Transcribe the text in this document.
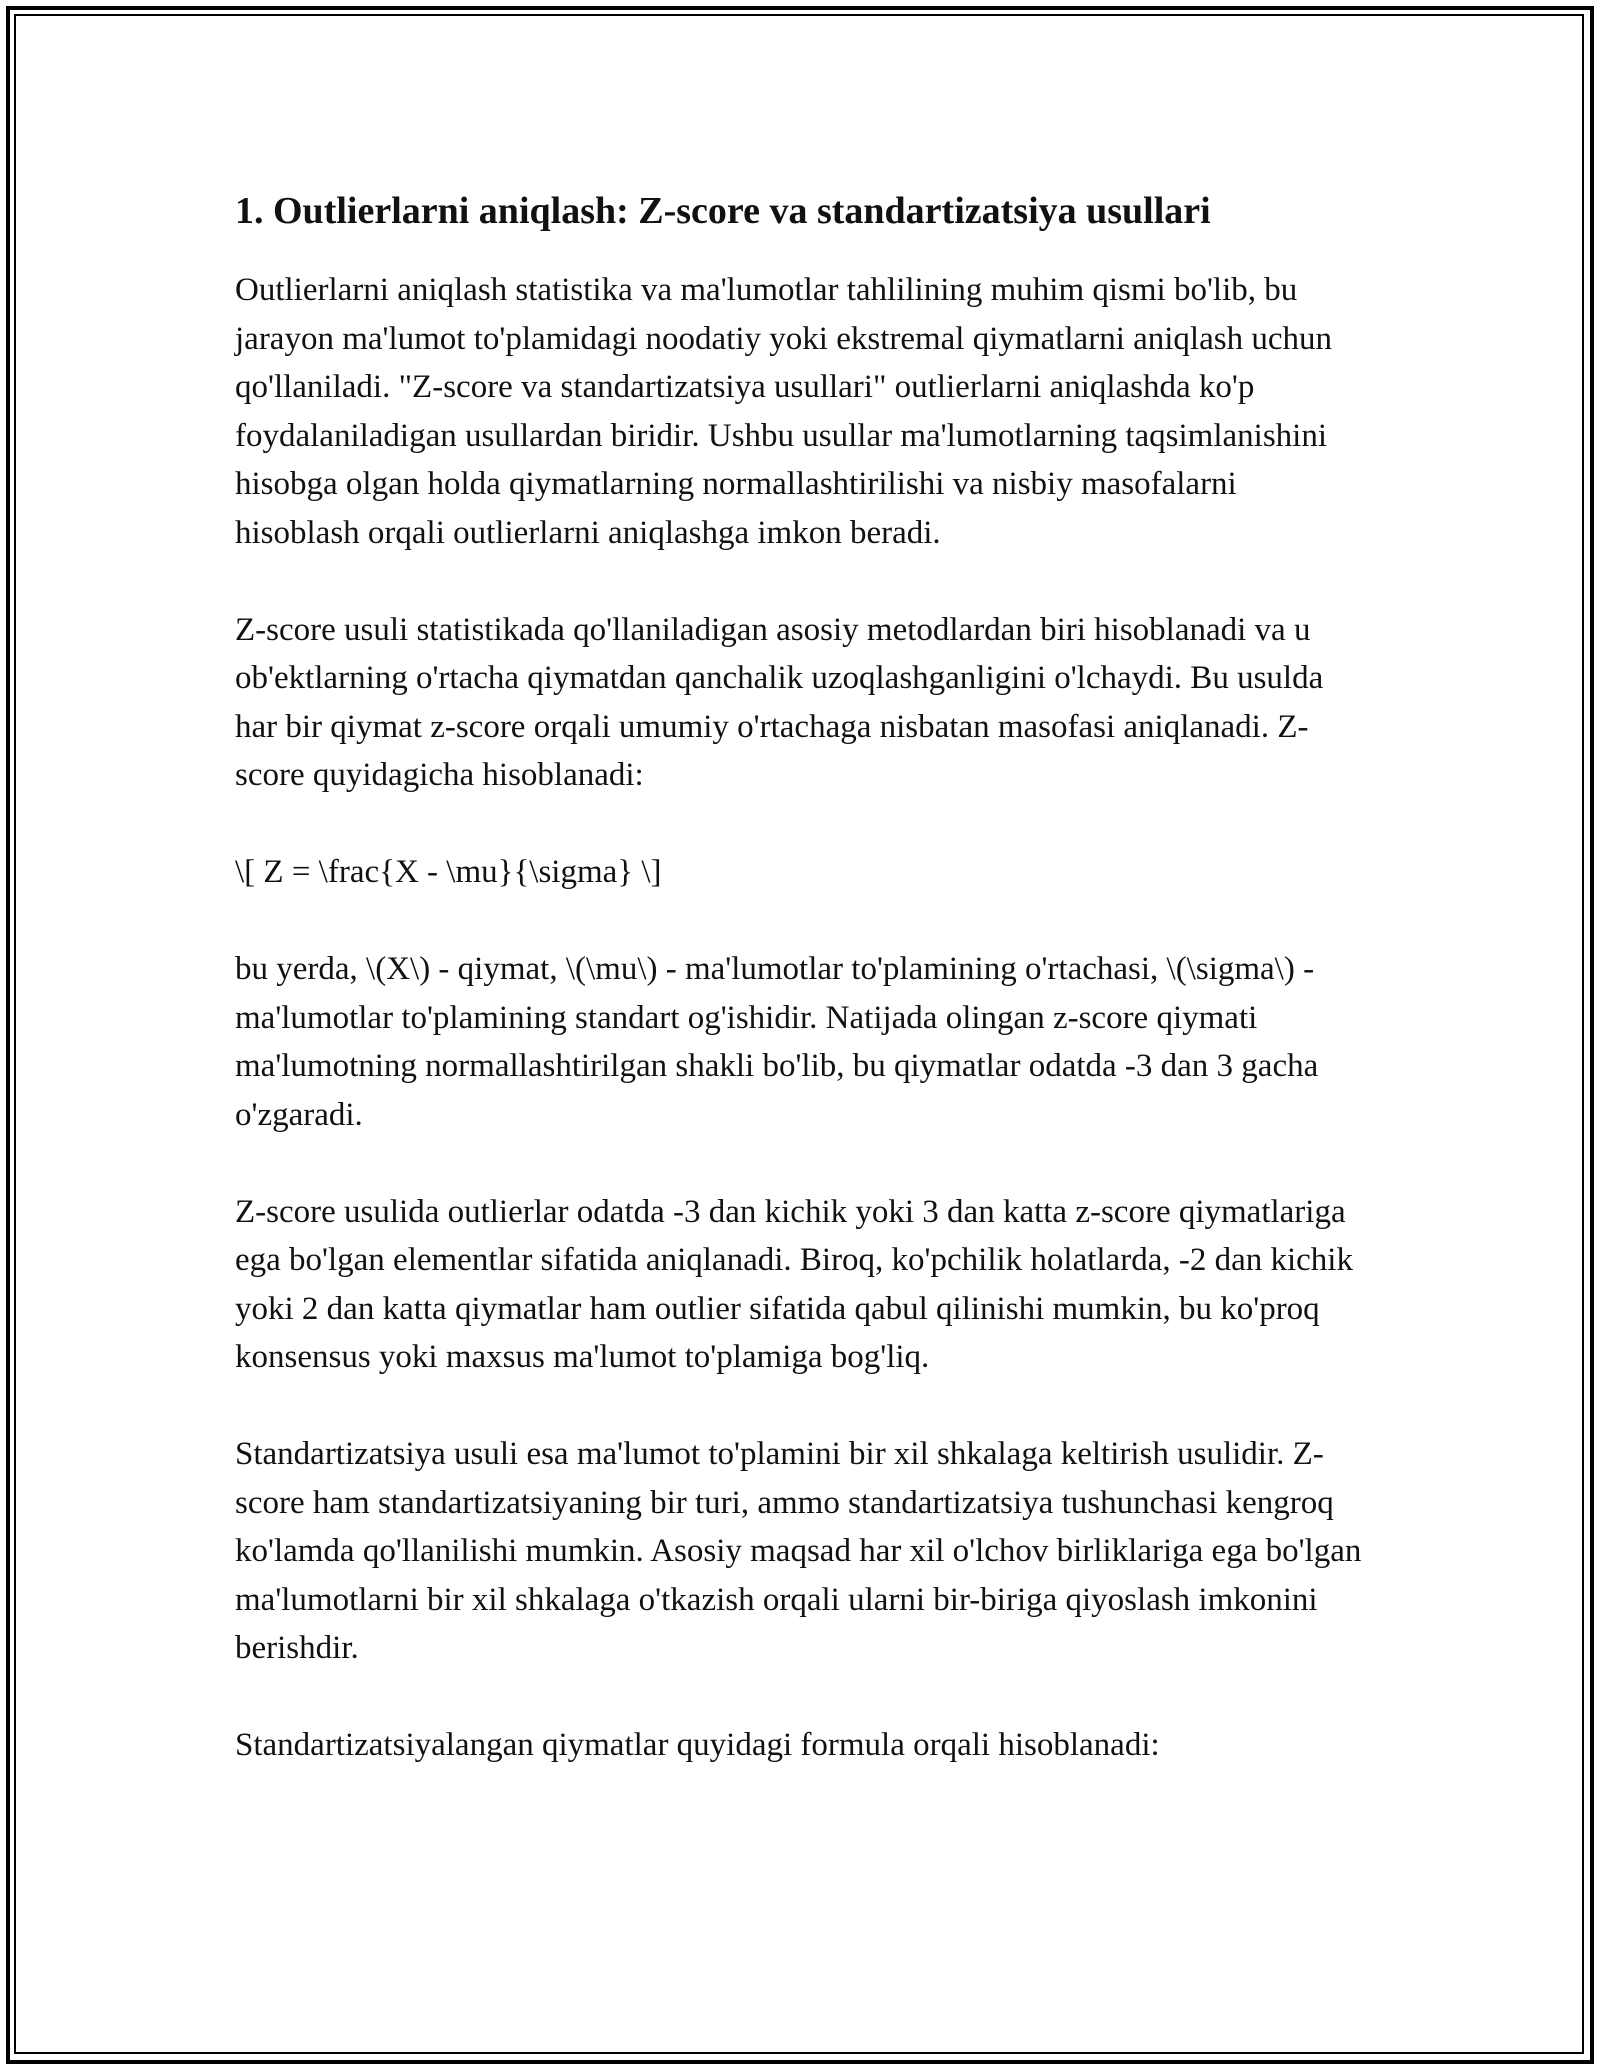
1. Outlierlarni aniqlash: Z-score va standartizatsiya usullari

Outlierlarni aniqlash statistika va ma'lumotlar tahlilining muhim qismi bo'lib, bu jarayon ma'lumot to'plamidagi noodatiy yoki ekstremal qiymatlarni aniqlash uchun qo'llaniladi. "Z-score va standartizatsiya usullari" outlierlarni aniqlashda ko'p foydalaniladigan usullardan biridir. Ushbu usullar ma'lumotlarning taqsimlanishini hisobga olgan holda qiymatlarning normallashtirilishi va nisbiy masofalarni hisoblash orqali outlierlarni aniqlashga imkon beradi.

Z-score usuli statistikada qo'llaniladigan asosiy metodlardan biri hisoblanadi va u ob'ektlarning o'rtacha qiymatdan qanchalik uzoqlashganligini o'lchaydi. Bu usulda har bir qiymat z-score orqali umumiy o'rtachaga nisbatan masofasi aniqlanadi. Z-score quyidagicha hisoblanadi:

\[ Z = \frac{X - \mu}{\sigma} \]

bu yerda, \(X\) - qiymat, \(\mu\) - ma'lumotlar to'plamining o'rtachasi, \(\sigma\) - ma'lumotlar to'plamining standart og'ishidir. Natijada olingan z-score qiymati ma'lumotning normallashtirilgan shakli bo'lib, bu qiymatlar odatda -3 dan 3 gacha o'zgaradi.

Z-score usulida outlierlar odatda -3 dan kichik yoki 3 dan katta z-score qiymatlariga ega bo'lgan elementlar sifatida aniqlanadi. Biroq, ko'pchilik holatlarda, -2 dan kichik yoki 2 dan katta qiymatlar ham outlier sifatida qabul qilinishi mumkin, bu ko'proq konsensus yoki maxsus ma'lumot to'plamiga bog'liq.

Standartizatsiya usuli esa ma'lumot to'plamini bir xil shkalaga keltirish usulidir. Z-score ham standartizatsiyaning bir turi, ammo standartizatsiya tushunchasi kengroq ko'lamda qo'llanilishi mumkin. Asosiy maqsad har xil o'lchov birliklariga ega bo'lgan ma'lumotlarni bir xil shkalaga o'tkazish orqali ularni bir-biriga qiyoslash imkonini berishdir.

Standartizatsiyalangan qiymatlar quyidagi formula orqali hisoblanadi:
